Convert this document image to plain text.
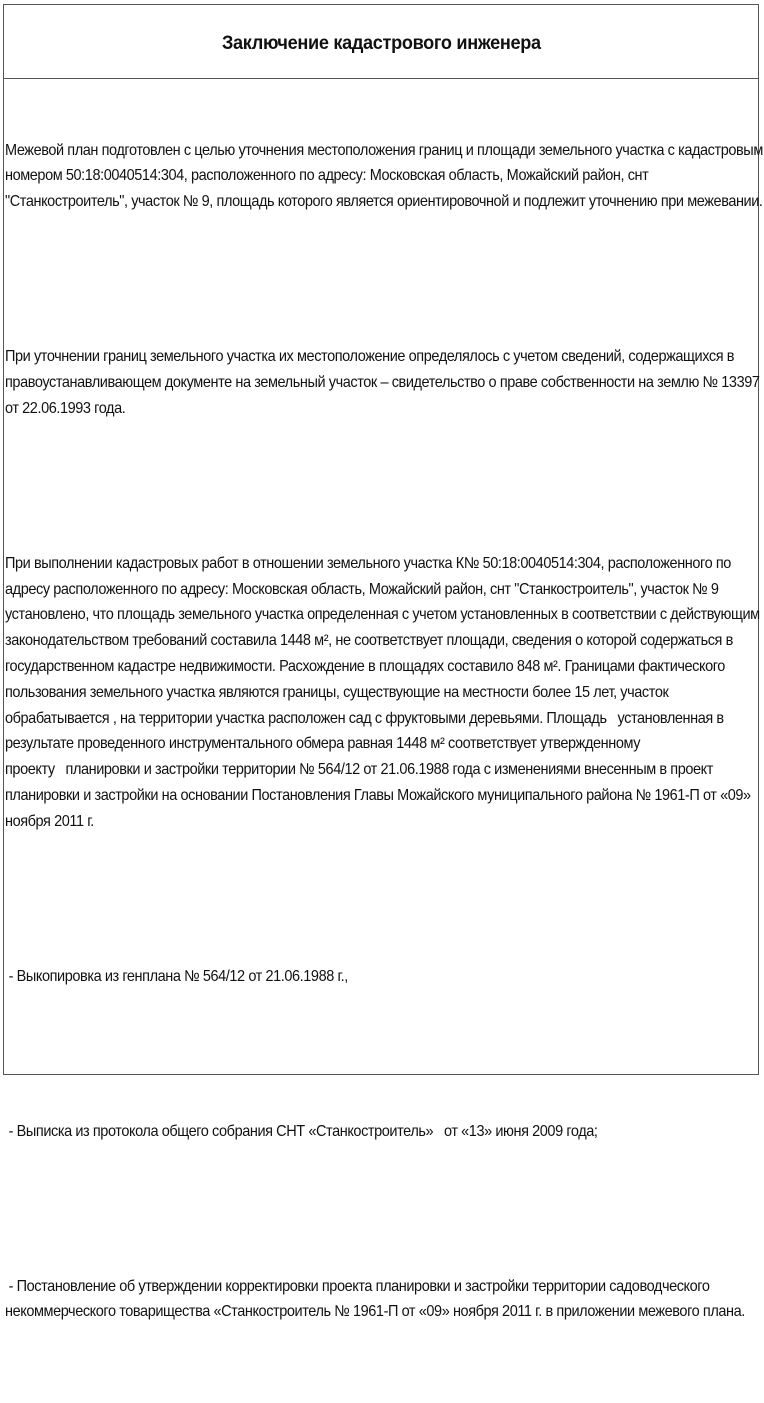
Заключение кадастрового инженера

Межевой план подготовлен с целью уточнения местоположения границ и площади земельного участка с кадастровым
номером 50:18:0040514:304, расположенного по адресу: Московская область, Можайский район, снт
"Станкостроитель", участок № 9, площадь которого является ориентировочной и подлежит уточнению при межевании.

При уточнении границ земельного участка их местоположение определялось с учетом сведений, содержащихся в
правоустанавливающем документе на земельный участок – свидетельство о праве собственности на землю № 13397
от 22.06.1993 года.

При выполнении кадастровых работ в отношении земельного участка К№ 50:18:0040514:304, расположенного по
адресу расположенного по адресу: Московская область, Можайский район, снт "Станкостроитель", участок № 9
установлено, что площадь земельного участка определенная с учетом установленных в соответствии с действующим
законодательством требований составила 1448 м², не соответствует площади, сведения о которой содержаться в
государственном кадастре недвижимости. Расхождение в площадях составило 848 м². Границами фактического
пользования земельного участка являются границы, существующие на местности более 15 лет, участок
обрабатывается , на территории участка расположен сад с фруктовыми деревьями. Площадь   установленная в
результате проведенного инструментального обмера равная 1448 м² соответствует утвержденному
проекту   планировки и застройки территории № 564/12 от 21.06.1988 года с изменениями внесенным в проект
планировки и застройки на основании Постановления Главы Можайского муниципального района № 1961-П от «09»
ноября 2011 г.

- Выкопировка из генплана № 564/12 от 21.06.1988 г.,

- Выписка из протокола общего собрания СНТ «Станкостроитель»   от «13» июня 2009 года;

- Постановление об утверждении корректировки проекта планировки и застройки территории садоводческого
некоммерческого товарищества «Станкостроитель № 1961-П от «09» ноября 2011 г. в приложении межевого плана.
